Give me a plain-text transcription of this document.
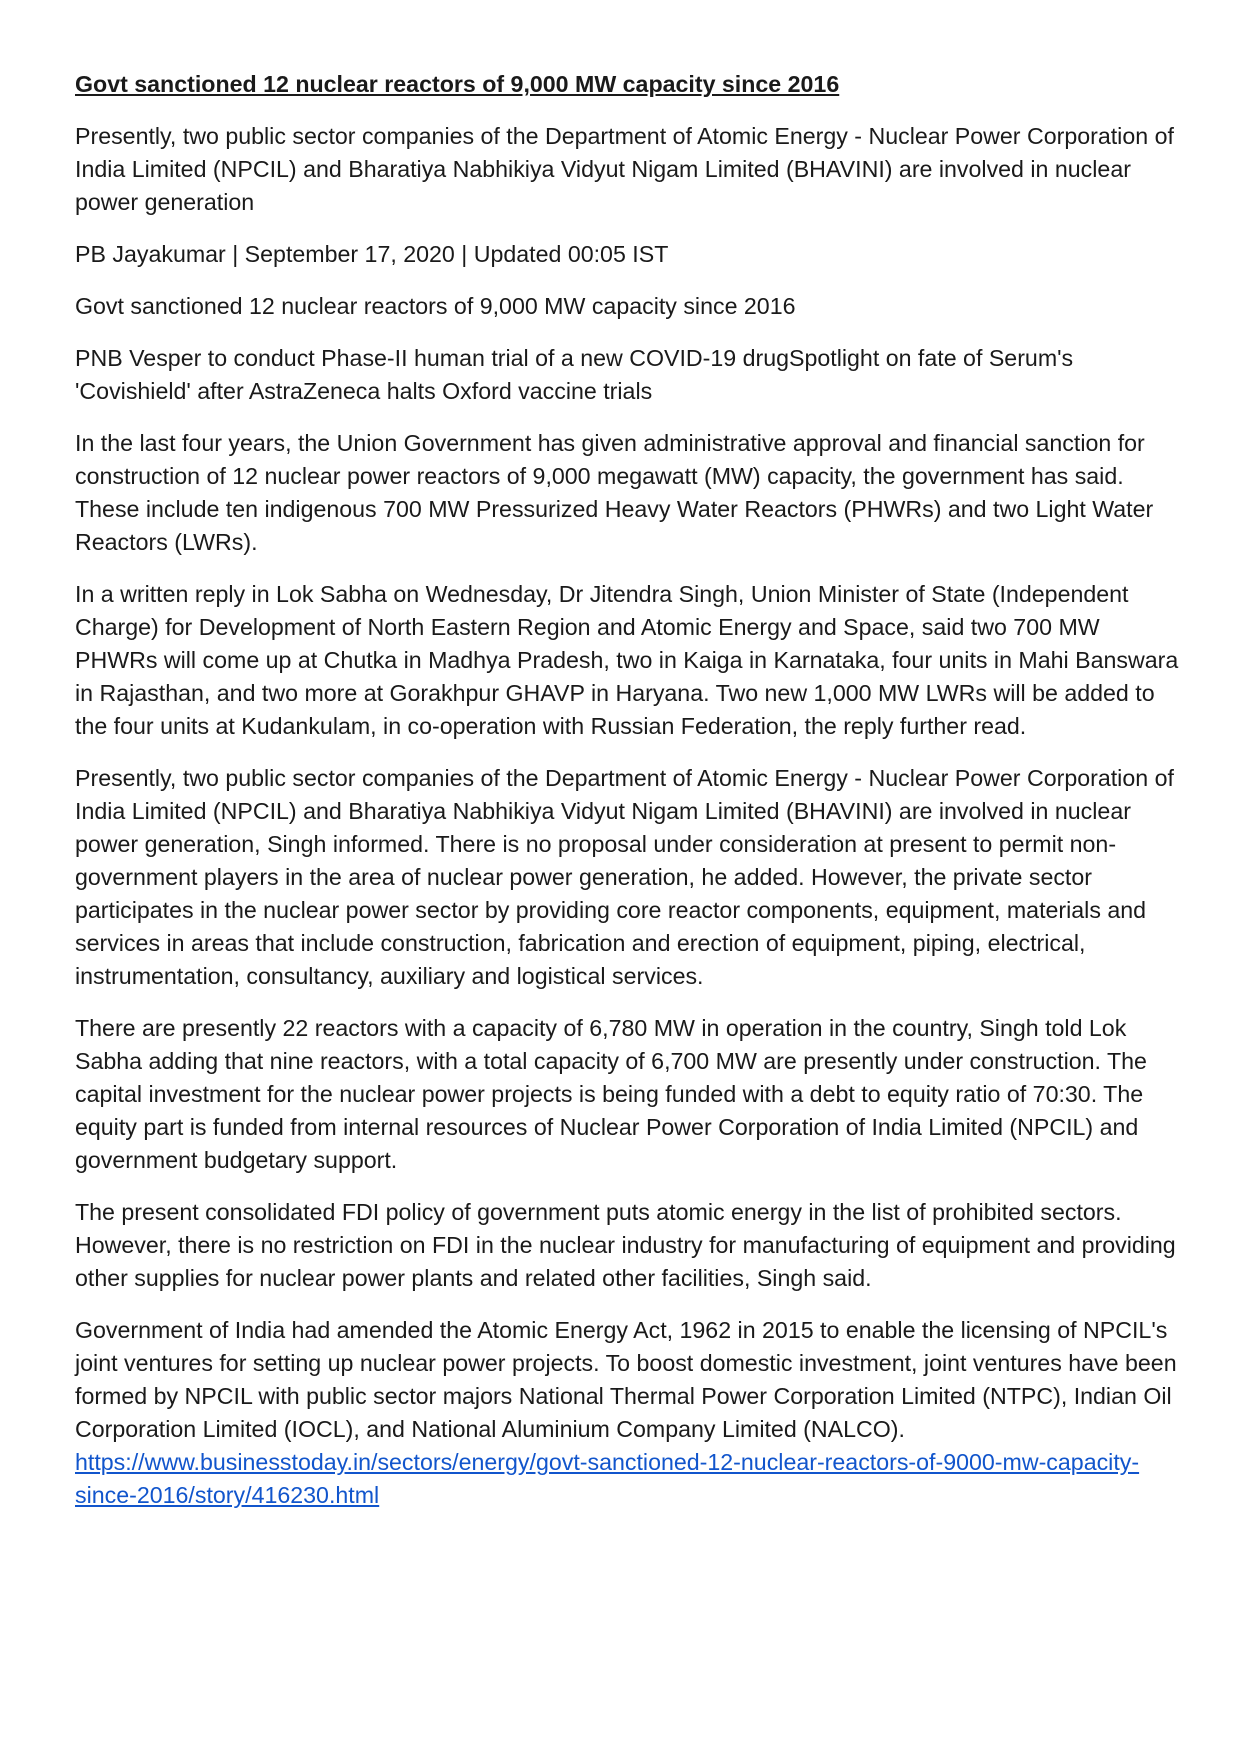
Govt sanctioned 12 nuclear reactors of 9,000 MW capacity since 2016
Presently, two public sector companies of the Department of Atomic Energy - Nuclear Power Corporation of India Limited (NPCIL) and Bharatiya Nabhikiya Vidyut Nigam Limited (BHAVINI) are involved in nuclear power generation
PB Jayakumar | September 17, 2020 | Updated 00:05 IST
Govt sanctioned 12 nuclear reactors of 9,000 MW capacity since 2016
PNB Vesper to conduct Phase-II human trial of a new COVID-19 drugSpotlight on fate of Serum's 'Covishield' after AstraZeneca halts Oxford vaccine trials
In the last four years, the Union Government has given administrative approval and financial sanction for construction of 12 nuclear power reactors of 9,000 megawatt (MW) capacity, the government has said. These include ten indigenous 700 MW Pressurized Heavy Water Reactors (PHWRs) and two Light Water Reactors (LWRs).
In a written reply in Lok Sabha on Wednesday, Dr Jitendra Singh, Union Minister of State (Independent Charge) for Development of North Eastern Region and Atomic Energy and Space, said two 700 MW PHWRs will come up at Chutka in Madhya Pradesh, two in Kaiga in Karnataka, four units in Mahi Banswara in Rajasthan, and two more at Gorakhpur GHAVP in Haryana. Two new 1,000 MW LWRs will be added to the four units at Kudankulam, in co-operation with Russian Federation, the reply further read.
Presently, two public sector companies of the Department of Atomic Energy - Nuclear Power Corporation of India Limited (NPCIL) and Bharatiya Nabhikiya Vidyut Nigam Limited (BHAVINI) are involved in nuclear power generation, Singh informed. There is no proposal under consideration at present to permit non-government players in the area of nuclear power generation, he added. However, the private sector participates in the nuclear power sector by providing core reactor components, equipment, materials and services in areas that include construction, fabrication and erection of equipment, piping, electrical, instrumentation, consultancy, auxiliary and logistical services.
There are presently 22 reactors with a capacity of 6,780 MW in operation in the country, Singh told Lok Sabha adding that nine reactors, with a total capacity of 6,700 MW are presently under construction. The capital investment for the nuclear power projects is being funded with a debt to equity ratio of 70:30. The equity part is funded from internal resources of Nuclear Power Corporation of India Limited (NPCIL) and government budgetary support.
The present consolidated FDI policy of government puts atomic energy in the list of prohibited sectors. However, there is no restriction on FDI in the nuclear industry for manufacturing of equipment and providing other supplies for nuclear power plants and related other facilities, Singh said.
Government of India had amended the Atomic Energy Act, 1962 in 2015 to enable the licensing of NPCIL's joint ventures for setting up nuclear power projects. To boost domestic investment, joint ventures have been formed by NPCIL with public sector majors National Thermal Power Corporation Limited (NTPC), Indian Oil Corporation Limited (IOCL), and National Aluminium Company Limited (NALCO).
https://www.businesstoday.in/sectors/energy/govt-sanctioned-12-nuclear-reactors-of-9000-mw-capacity-since-2016/story/416230.html
